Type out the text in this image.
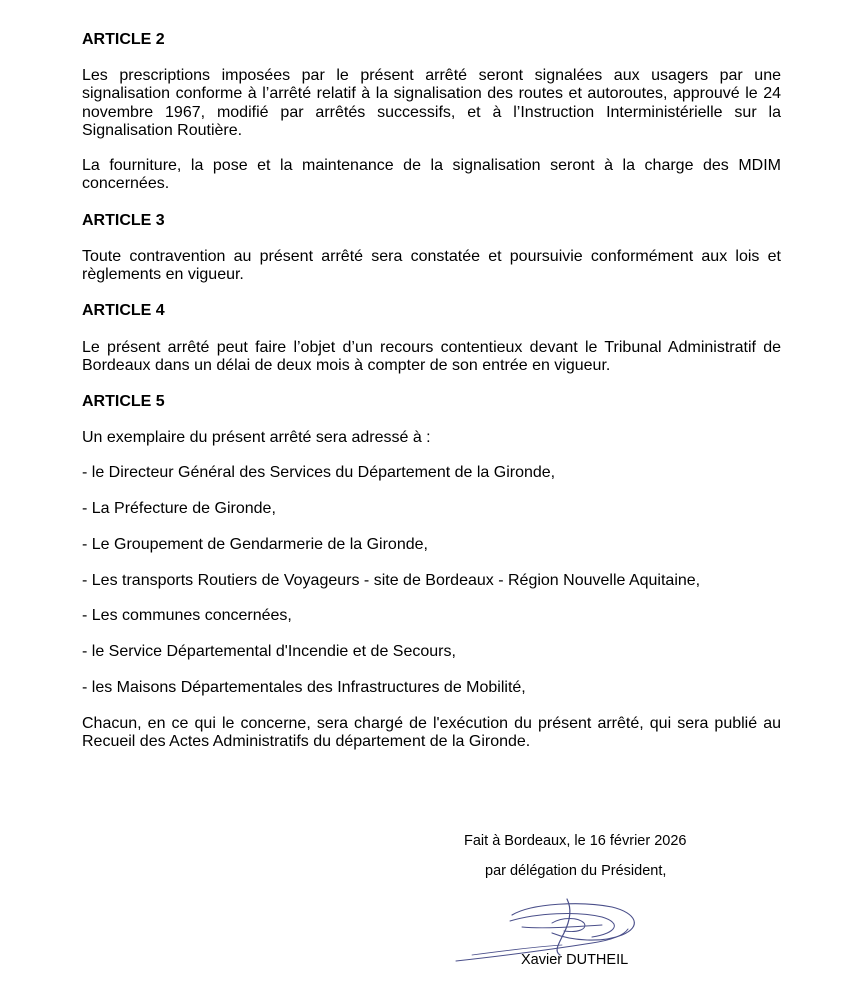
ARTICLE 2
Les prescriptions imposées par le présent arrêté seront signalées aux usagers par une signalisation conforme à l’arrêté relatif à la signalisation des routes et autoroutes, approuvé le 24 novembre 1967, modifié par arrêtés successifs, et à l’Instruction Interministérielle sur la Signalisation Routière.
La fourniture, la pose et la maintenance de la signalisation seront à la charge des MDIM concernées.
ARTICLE 3
Toute contravention au présent arrêté sera constatée et poursuivie conformément aux lois et règlements en vigueur.
ARTICLE 4
Le présent arrêté peut faire l’objet d’un recours contentieux devant le Tribunal Administratif de Bordeaux dans un délai de deux mois à compter de son entrée en vigueur.
ARTICLE 5
Un exemplaire du présent arrêté sera adressé à :
- le Directeur Général des Services du Département de la Gironde,
- La Préfecture de Gironde,
- Le Groupement de Gendarmerie de la Gironde,
- Les transports Routiers de Voyageurs - site de Bordeaux - Région Nouvelle Aquitaine,
- Les communes concernées,
- le Service Départemental d'Incendie et de Secours,
- les Maisons Départementales des Infrastructures de Mobilité,
Chacun, en ce qui le concerne, sera chargé de l'exécution du présent arrêté, qui sera publié au Recueil des Actes Administratifs du département de la Gironde.
Fait à Bordeaux, le 16 février 2026
par délégation du Président,
Xavier DUTHEIL
